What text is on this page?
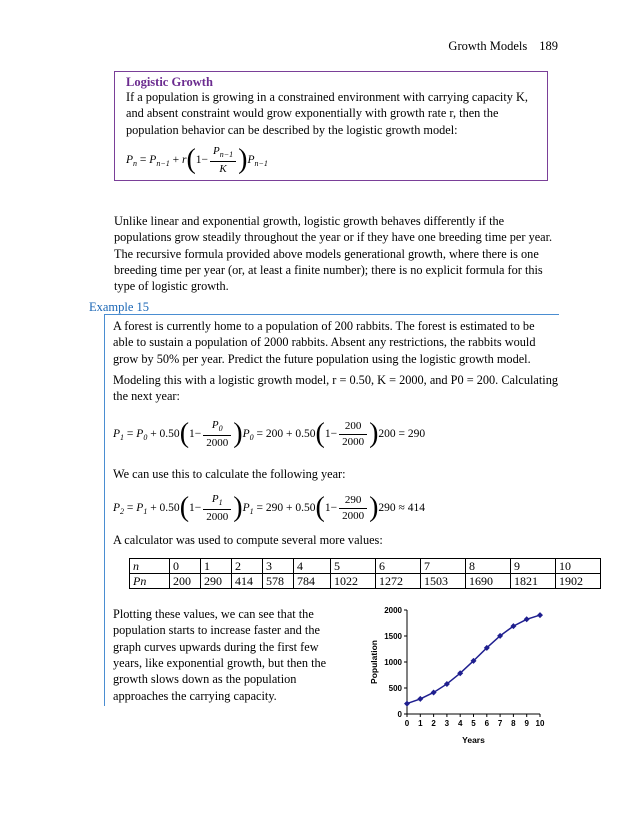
Growth Models 189
Logistic Growth
If a population is growing in a constrained environment with carrying capacity K, and absent constraint would grow exponentially with growth rate r, then the population behavior can be described by the logistic growth model:
$P_n = P_{n-1} + r(1- \frac{P_{n-1}}{K} )P_{n-1}$
Unlike linear and exponential growth, logistic growth behaves differently if the populations grow steadily throughout the year or if they have one breeding time per year. The recursive formula provided above models generational growth, where there is one breeding time per year (or, at least a finite number); there is no explicit formula for this type of logistic growth.
Example 15
A forest is currently home to a population of 200 rabbits. The forest is estimated to be able to sustain a population of 2000 rabbits. Absent any restrictions, the rabbits would grow by 50% per year. Predict the future population using the logistic growth model.
Modeling this with a logistic growth model, r = 0.50, K = 2000, and P0 = 200. Calculating the next year:
$P_1 = P_0 + 0.50(1- \frac{P_0}{2000} )P_0 = 200 + 0.50(1- \frac{200}{2000} )200 = 290$
We can use this to calculate the following year:
$P_2 = P_1 + 0.50(1- \frac{P_1}{2000} )P_1 = 290 + 0.50(1- \frac{290}{2000} )290 \approx 414$
A calculator was used to compute several more values:
n	0	1	2	3	4	5	6	7	8	9	10
Pn	200	290	414	578	784	1022	1272	1503	1690	1821	1902
Plotting these values, we can see that the population starts to increase faster and the graph curves upwards during the first few years, like exponential growth, but then the growth slows down as the population approaches the carrying capacity.
0
500
1000
1500
2000
0 1 2 3 4 5 6 7 8 9 10
Years
Population
